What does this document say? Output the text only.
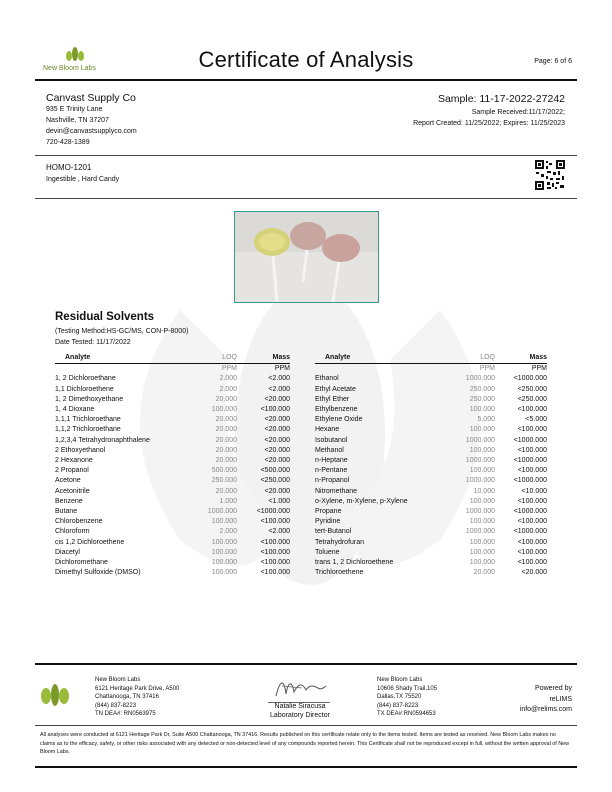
New Bloom Labs	Certificate of Analysis	Page: 6 of 6
Canvast Supply Co
935 E Trinity Lane
Nashville, TN 37207
devin@canvastsupplyco.com
720-428-1389
Sample: 11-17-2022-27242
Sample Received:11/17/2022;
Report Created: 11/25/2022; Expires: 11/25/2023
HOMO-1201
Ingestible , Hard Candy
Residual Solvents
(Testing Method:HS-GC/MS, CON-P-8000)
Date Tested: 11/17/2022
Analyte	LOQ	Mass
	PPM	PPM
1, 2 Dichloroethane	2.000	<2.000
1,1 Dichloroethene	2.000	<2.000
1, 2 Dimethoxyethane	20.000	<20.000
1, 4 Dioxane	100.000	<100.000
1,1,1 Trichloroethane	20.000	<20.000
1,1,2 Trichloroethane	20.000	<20.000
1,2,3,4 Tetrahydronaphthalene	20.000	<20.000
2 Ethoxyethanol	20.000	<20.000
2 Hexanone	20.000	<20.000
2 Propanol	500.000	<500.000
Acetone	250.000	<250.000
Acetonitrile	20.000	<20.000
Benzene	1.000	<1.000
Butane	1000.000	<1000.000
Chlorobenzene	100.000	<100.000
Chloroform	2.000	<2.000
cis 1,2 Dichloroethene	100.000	<100.000
Diacetyl	100.000	<100.000
Dichloromethane	100.000	<100.000
Dimethyl Sulfoxide (DMSO)	100.000	<100.000
Analyte	LOQ	Mass
	PPM	PPM
Ethanol	1000.000	<1000.000
Ethyl Acetate	250.000	<250.000
Ethyl Ether	250.000	<250.000
Ethylbenzene	100.000	<100.000
Ethylene Oxide	5.000	<5.000
Hexane	100.000	<100.000
Isobutanol	1000.000	<1000.000
Methanol	100.000	<100.000
n-Heptane	1000.000	<1000.000
n-Pentane	100.000	<100.000
n-Propanol	1000.000	<1000.000
Nitromethane	10.000	<10.000
o-Xylene, m-Xylene, p-Xylene	100.000	<100.000
Propane	1000.000	<1000.000
Pyridine	100.000	<100.000
tert-Butanol	1000.000	<1000.000
Tetrahydrofuran	100.000	<100.000
Toluene	100.000	<100.000
trans 1, 2 Dichloroethene	100.000	<100.000
Trichloroethene	20.000	<20.000
New Bloom Labs
6121 Heritage Park Drive, A500
Chattanooga, TN 37416
(844) 837-8223
TN DEA#: RN0563975
Natalie Siracusa
Laboratory Director
New Bloom Labs
10606 Shady Trail,105
Dallas,TX 75520
(844) 837-8223
TX DEA#:RN0594653
Powered by
reLIMS
info@relims.com
All analyses were conducted at 6121 Heritage Park Dr, Suite A500 Chattanooga, TN 37416. Results published on this certificate relate only to the items tested. Items are tested as received. New Bloom Labs makes no claims as to the efficacy, safety, or other risks associated with any detected or non-detected level of any compounds reported herein. This Certificate shall not be reproduced except in full, without the written approval of New Bloom Labs.
